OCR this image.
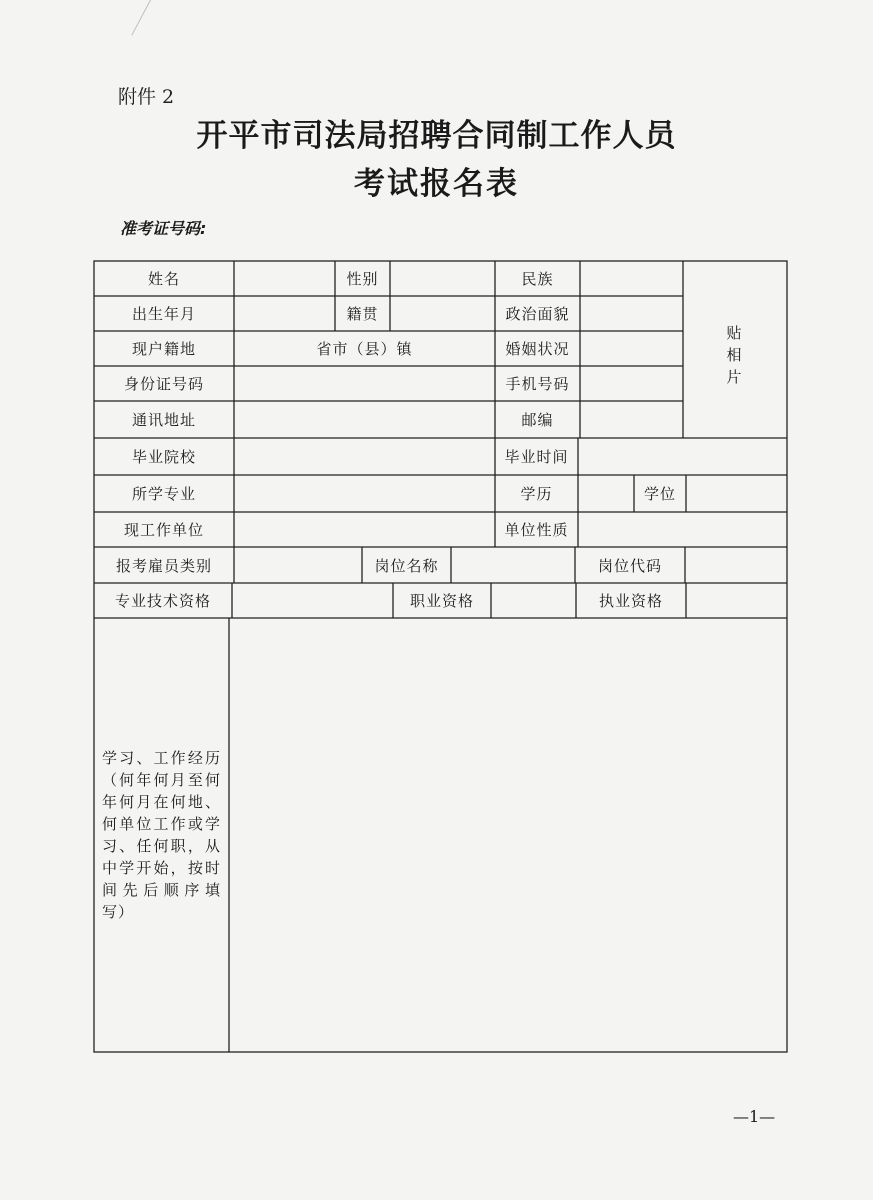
附件 2
开平市司法局招聘合同制工作人员
考试报名表
准考证号码:
姓名	性别	民族
出生年月	籍贯	政治面貌
现户籍地	省市（县）镇	婚姻状况
身份证号码	手机号码
通讯地址	邮编
贴相片
毕业院校	毕业时间
所学专业	学历	学位
现工作单位	单位性质
报考雇员类别	岗位名称	岗位代码
专业技术资格	职业资格	执业资格
学习、工作经历（何年何月至何年何月在何地、何单位工作或学习、任何职，从中学开始，按时间先后顺序填写）
—1—
